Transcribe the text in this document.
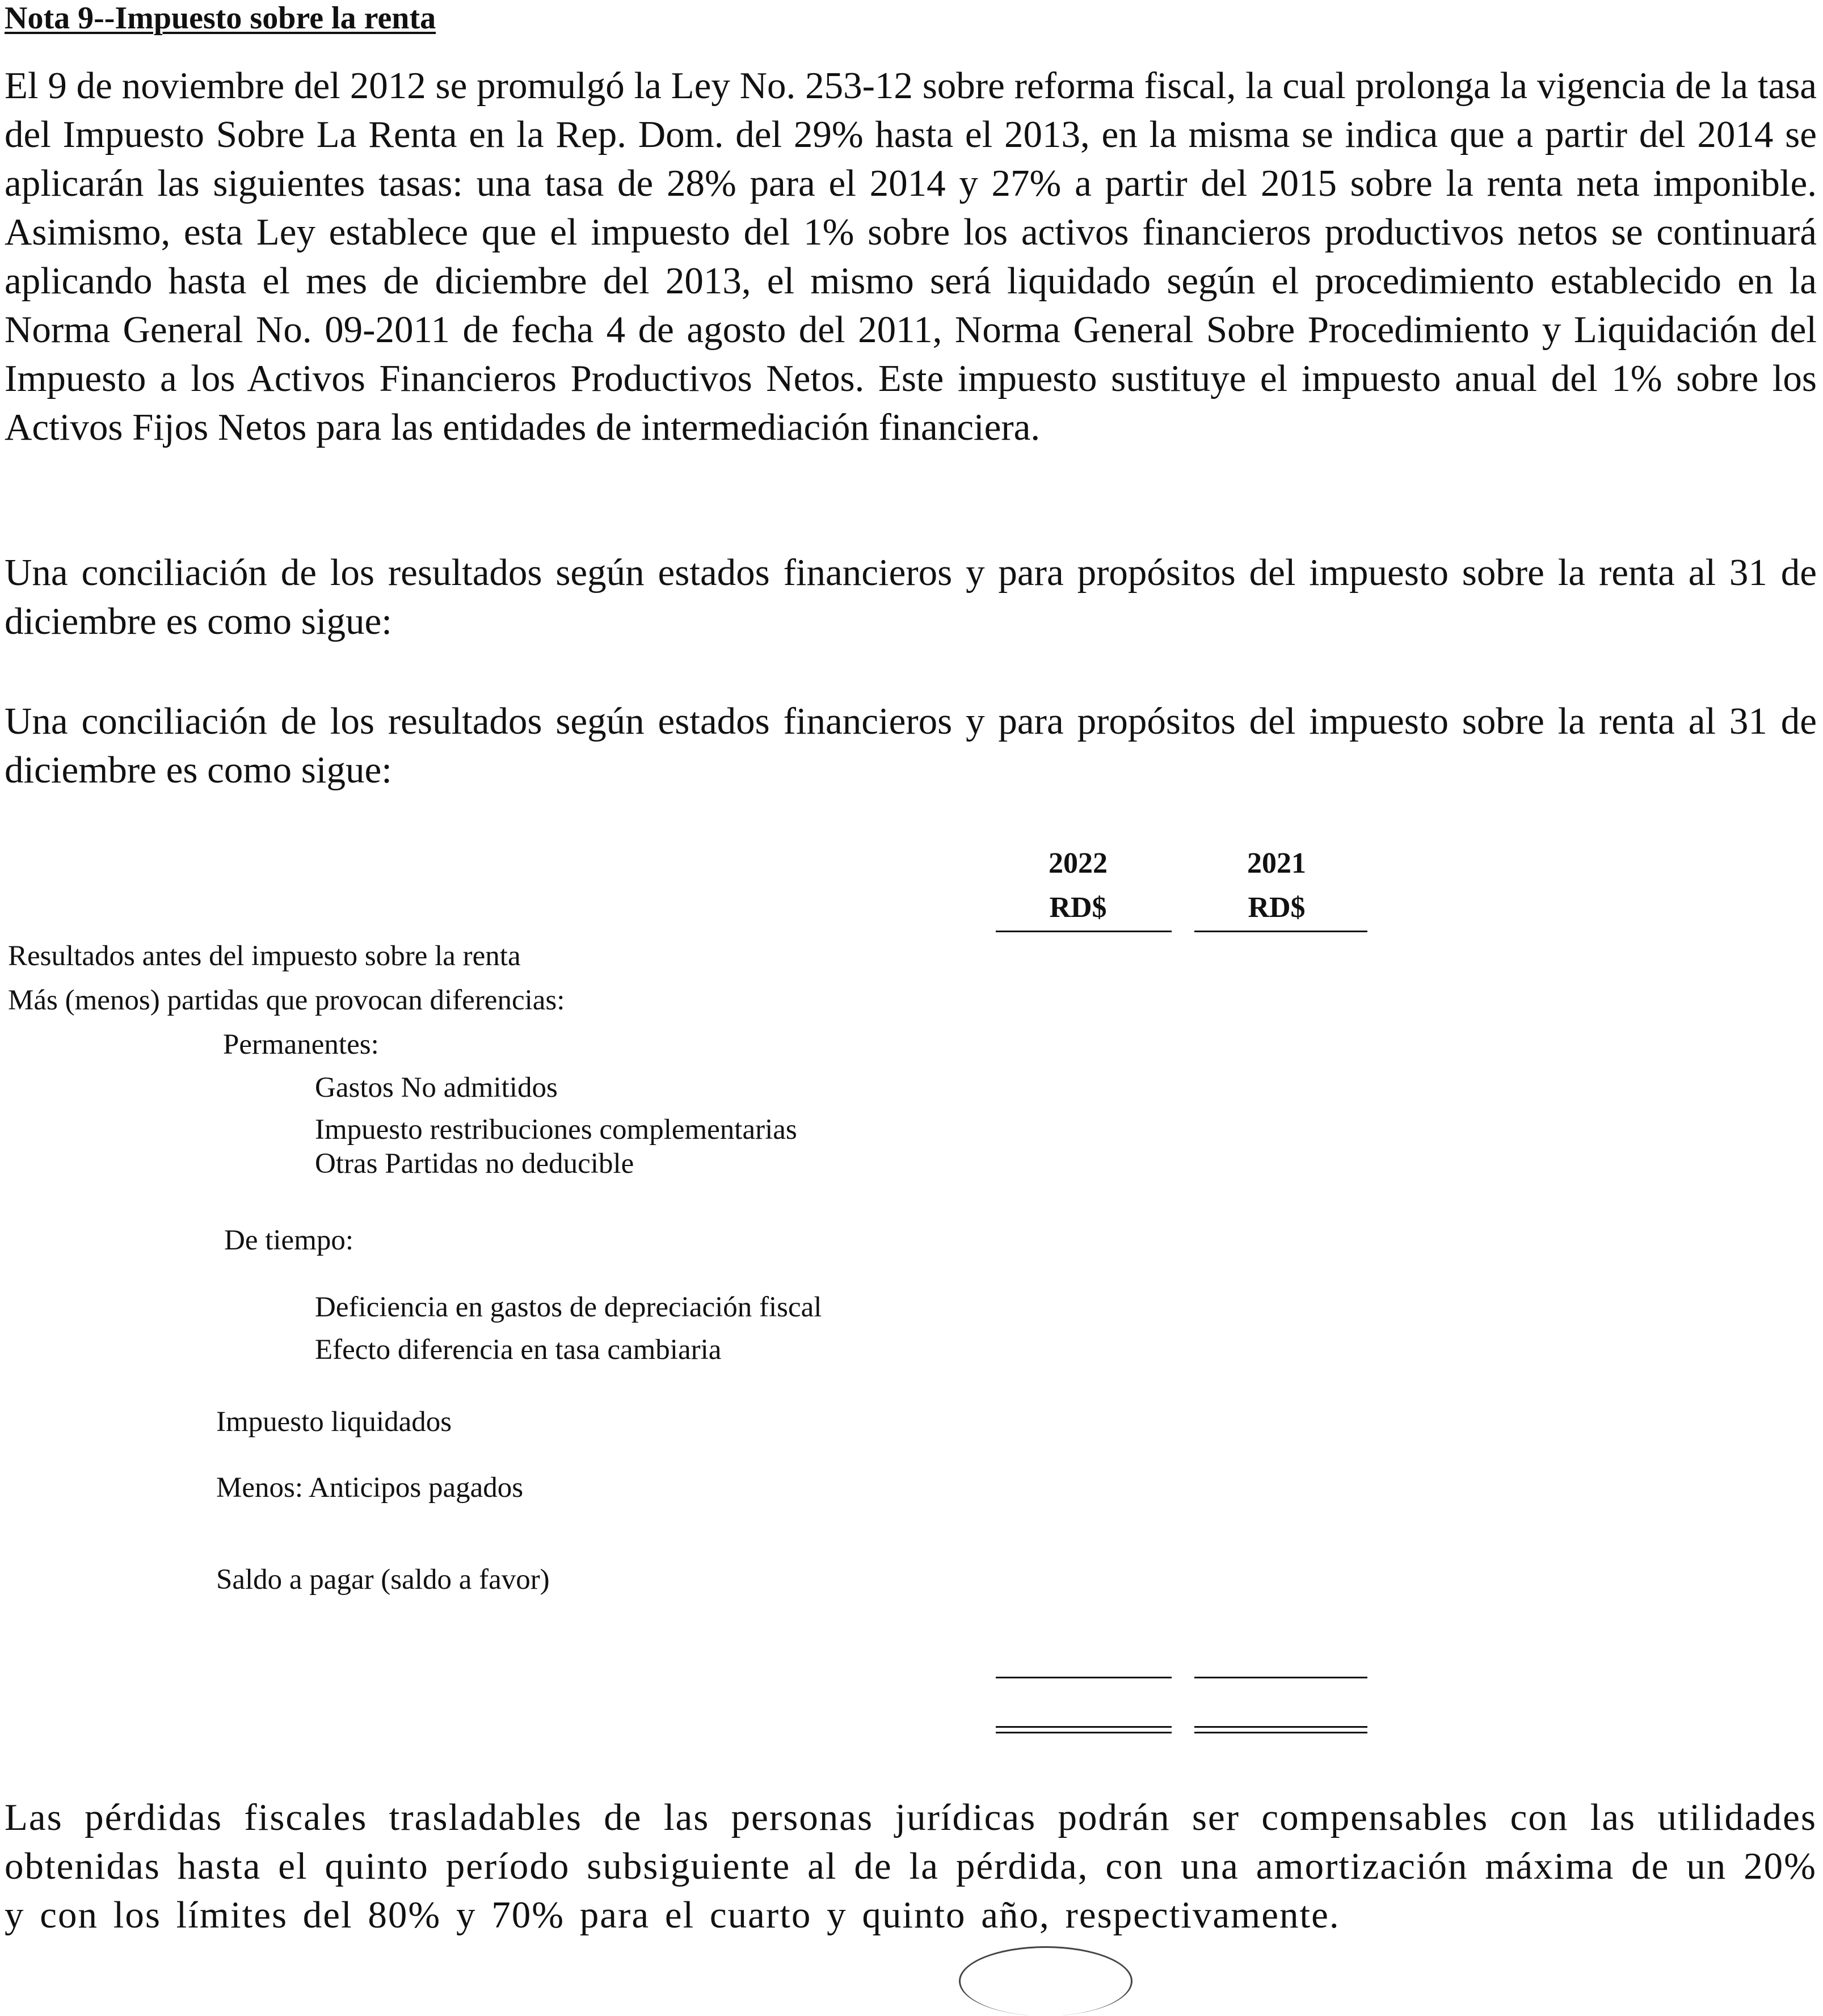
Nota 9--Impuesto sobre la renta

El 9 de noviembre del 2012 se promulgó la Ley No. 253-12 sobre reforma fiscal, la cual prolonga la vigencia de la tasa del Impuesto Sobre La Renta en la Rep. Dom. del 29% hasta el 2013, en la misma se indica que a partir del 2014 se aplicarán las siguientes tasas: una tasa de 28% para el 2014 y 27% a partir del 2015 sobre la renta neta imponible. Asimismo, esta Ley establece que el impuesto del 1% sobre los activos financieros productivos netos se continuará aplicando hasta el mes de diciembre del 2013, el mismo será liquidado según el procedimiento establecido en la Norma General No. 09-2011 de fecha 4 de agosto del 2011, Norma General Sobre Procedimiento y Liquidación del Impuesto a los Activos Financieros Productivos Netos. Este impuesto sustituye el impuesto anual del 1% sobre los Activos Fijos Netos para las entidades de intermediación financiera.

Una conciliación de los resultados según estados financieros y para propósitos del impuesto sobre la renta al 31 de diciembre es como sigue:

Una conciliación de los resultados según estados financieros y para propósitos del impuesto sobre la renta al 31 de diciembre es como sigue:

2022	2021
RD$	RD$
Resultados antes del impuesto sobre la renta
Más (menos) partidas que provocan diferencias:
Permanentes:
Gastos No admitidos
Impuesto restribuciones complementarias
Otras Partidas no deducible
De tiempo:
Deficiencia en gastos de depreciación fiscal
Efecto diferencia en tasa cambiaria
Impuesto liquidados
Menos: Anticipos pagados
Saldo a pagar (saldo a favor)

Las pérdidas fiscales trasladables de las personas jurídicas podrán ser compensables con las utilidades obtenidas hasta el quinto período subsiguiente al de la pérdida, con una amortización máxima de un 20% y con los límites del 80% y 70% para el cuarto y quinto año, respectivamente.
